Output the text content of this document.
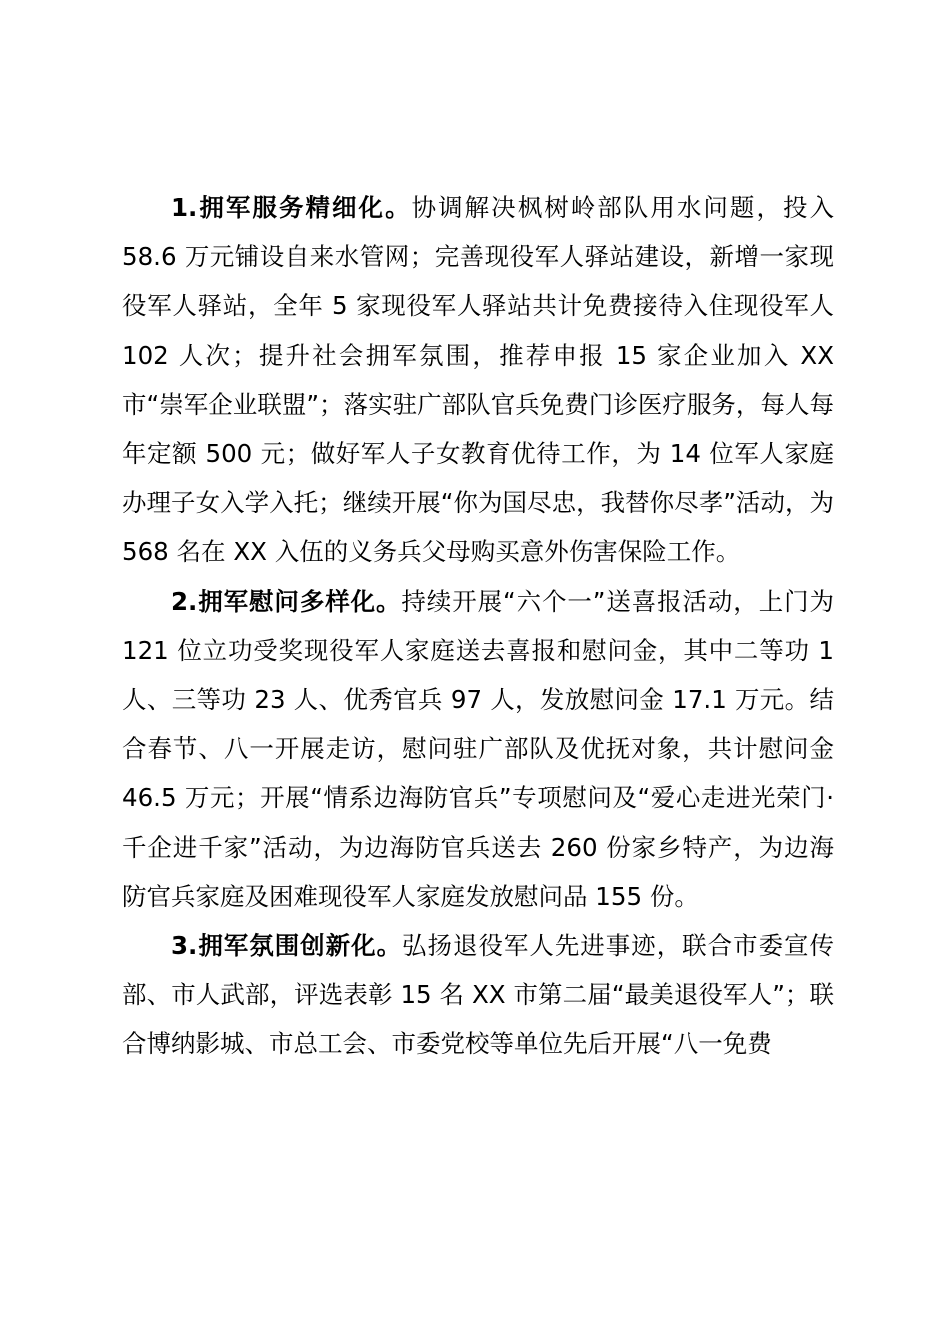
1.拥军服务精细化。协调解决枫树岭部队用水问题，投入 58.6 万元铺设自来水管网；完善现役军人驿站建设，新增一家现役军人驿站，全年 5 家现役军人驿站共计免费接待入住现役军人 102 人次；提升社会拥军氛围，推荐申报 15 家企业加入 XX 市“崇军企业联盟”；落实驻广部队官兵免费门诊医疗服务，每人每年定额 500 元；做好军人子女教育优待工作，为 14 位军人家庭办理子女入学入托；继续开展“你为国尽忠，我替你尽孝”活动，为 568 名在 XX 入伍的义务兵父母购买意外伤害保险工作。

2.拥军慰问多样化。持续开展“六个一”送喜报活动，上门为 121 位立功受奖现役军人家庭送去喜报和慰问金，其中二等功 1 人、三等功 23 人、优秀官兵 97 人，发放慰问金 17.1 万元。结合春节、八一开展走访，慰问驻广部队及优抚对象，共计慰问金 46.5 万元；开展“情系边海防官兵”专项慰问及“爱心走进光荣门·千企进千家”活动，为边海防官兵送去 260 份家乡特产，为边海防官兵家庭及困难现役军人家庭发放慰问品 155 份。

3.拥军氛围创新化。弘扬退役军人先进事迹，联合市委宣传部、市人武部，评选表彰 15 名 XX 市第二届“最美退役军人”；联合博纳影城、市总工会、市委党校等单位先后开展“八一免费
